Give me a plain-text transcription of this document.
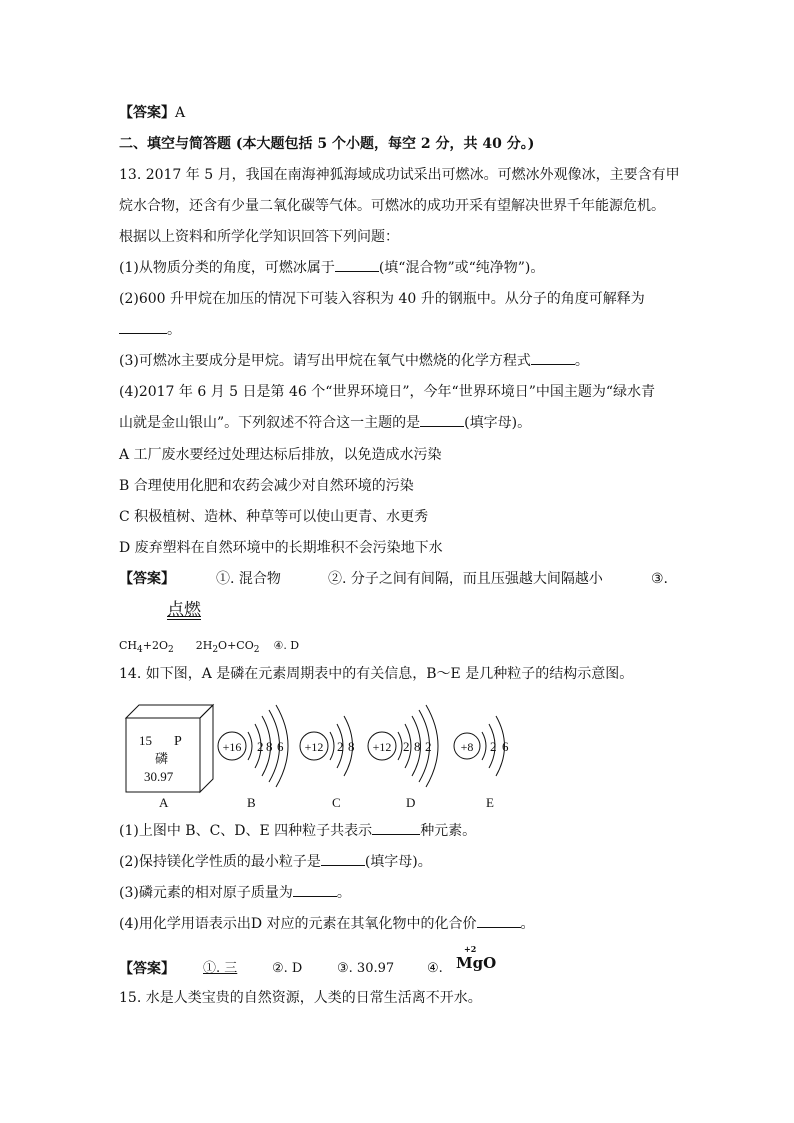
【答案】A
二、填空与简答题 (本大题包括 5 个小题，每空 2 分，共 40 分。)
13. 2017 年 5 月，我国在南海神狐海域成功试采出可燃冰。可燃冰外观像冰，主要含有甲
烷水合物，还含有少量二氧化碳等气体。可燃冰的成功开采有望解决世界千年能源危机。
根据以上资料和所学化学知识回答下列问题：
(1)从物质分类的角度，可燃冰属于	(填“混合物”或“纯净物”)。
(2)600 升甲烷在加压的情况下可装入容积为 40 升的钢瓶中。从分子的角度可解释为
。
(3)可燃冰主要成分是甲烷。请写出甲烷在氧气中燃烧的化学方程式	。
(4)2017 年 6 月 5 日是第 46 个“世界环境日”，今年“世界环境日”中国主题为“绿水青
山就是金山银山”。下列叙述不符合这一主题的是	(填字母)。
A 工厂废水要经过处理达标后排放，以免造成水污染
B 合理使用化肥和农药会减少对自然环境的污染
C 积极植树、造林、种草等可以使山更青、水更秀
D 废弃塑料在自然环境中的长期堆积不会污染地下水
【答案】	①. 混合物	②. 分子之间有间隔，而且压强越大间隔越小	③.
点燃
$CH_4+2O_2$ $2H_2O+CO_2$ ④. D
14. 如下图，A 是磷在元素周期表中的有关信息，B～E 是几种粒子的结构示意图。
15 P
磷
30.97
A
+16 2 8 6
B
+12 2 8
C
+12 2 8 2
D
+8 2 6
E
(1)上图中 B、C、D、E 四种粒子共表示	种元素。
(2)保持镁化学性质的最小粒子是	(填字母)。
(3)磷元素的相对原子质量为	。
(4)用化学用语表示出D 对应的元素在其氧化物中的化合价	。
【答案】 ①. 三	②. D	③. 30.97	④.
+2
MgO
15. 水是人类宝贵的自然资源，人类的日常生活离不开水。
